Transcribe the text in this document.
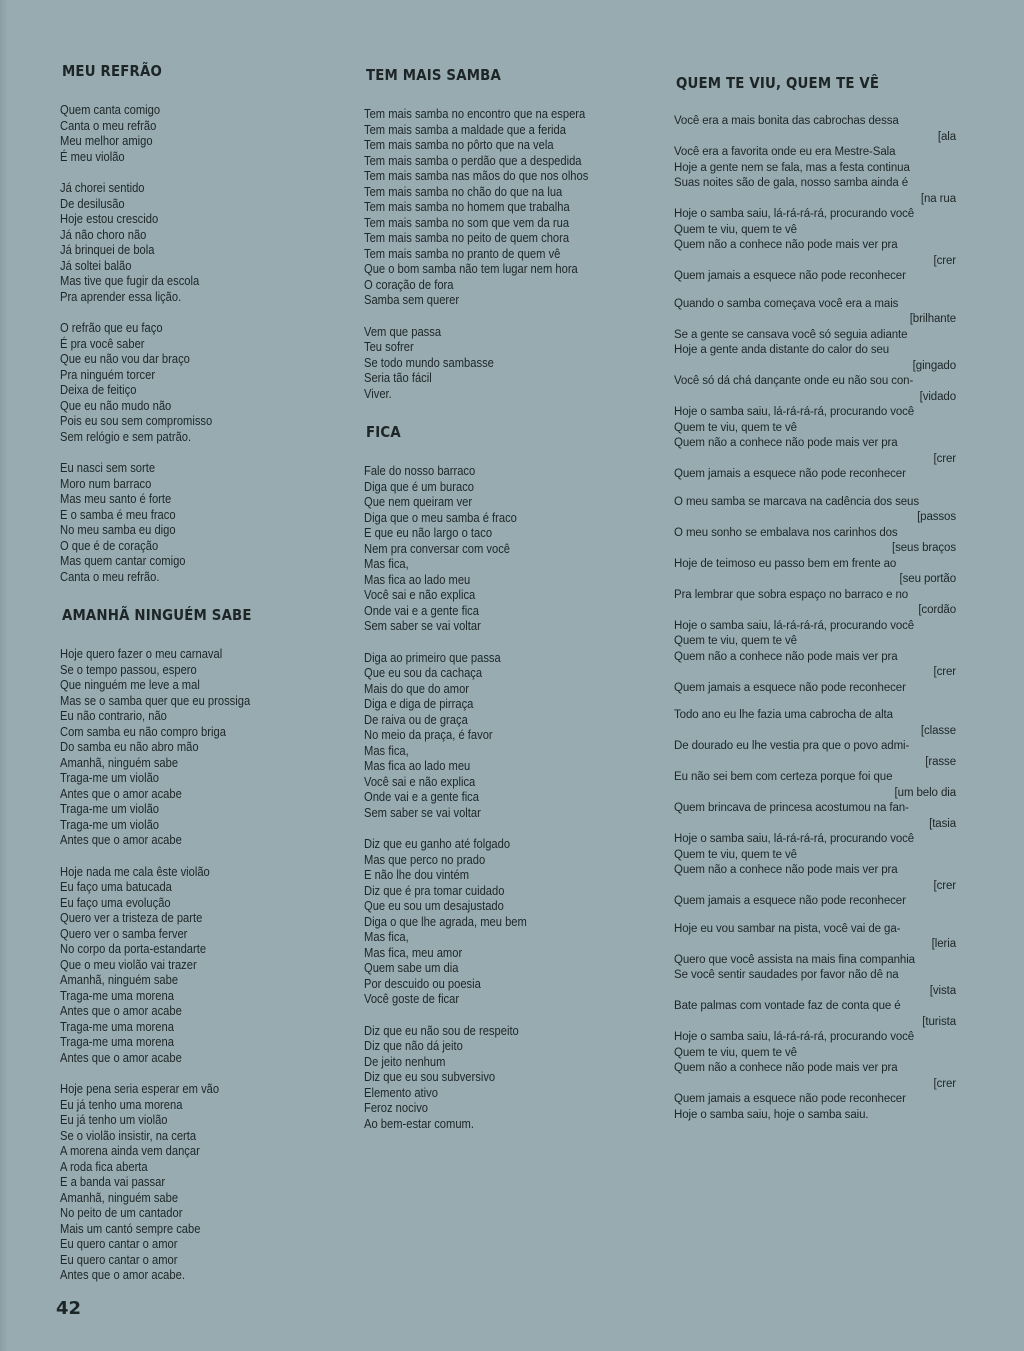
MEU REFRÃO
Quem canta comigo
Canta o meu refrão
Meu melhor amigo
É meu violão
Já chorei sentido
De desilusão
Hoje estou crescido
Já não choro não
Já brinquei de bola
Já soltei balão
Mas tive que fugir da escola
Pra aprender essa lição.
O refrão que eu faço
É pra você saber
Que eu não vou dar braço
Pra ninguém torcer
Deixa de feitiço
Que eu não mudo não
Pois eu sou sem compromisso
Sem relógio e sem patrão.
Eu nasci sem sorte
Moro num barraco
Mas meu santo é forte
E o samba é meu fraco
No meu samba eu digo
O que é de coração
Mas quem cantar comigo
Canta o meu refrão.
AMANHÃ NINGUÉM SABE
Hoje quero fazer o meu carnaval
Se o tempo passou, espero
Que ninguém me leve a mal
Mas se o samba quer que eu prossiga
Eu não contrario, não
Com samba eu não compro briga
Do samba eu não abro mão
Amanhã, ninguém sabe
Traga-me um violão
Antes que o amor acabe
Traga-me um violão
Traga-me um violão
Antes que o amor acabe
Hoje nada me cala êste violão
Eu faço uma batucada
Eu faço uma evolução
Quero ver a tristeza de parte
Quero ver o samba ferver
No corpo da porta-estandarte
Que o meu violão vai trazer
Amanhã, ninguém sabe
Traga-me uma morena
Antes que o amor acabe
Traga-me uma morena
Traga-me uma morena
Antes que o amor acabe
Hoje pena seria esperar em vão
Eu já tenho uma morena
Eu já tenho um violão
Se o violão insistir, na certa
A morena ainda vem dançar
A roda fica aberta
E a banda vai passar
Amanhã, ninguém sabe
No peito de um cantador
Mais um cantó sempre cabe
Eu quero cantar o amor
Eu quero cantar o amor
Antes que o amor acabe.
TEM MAIS SAMBA
Tem mais samba no encontro que na espera
Tem mais samba a maldade que a ferida
Tem mais samba no pôrto que na vela
Tem mais samba o perdão que a despedida
Tem mais samba nas mãos do que nos olhos
Tem mais samba no chão do que na lua
Tem mais samba no homem que trabalha
Tem mais samba no som que vem da rua
Tem mais samba no peito de quem chora
Tem mais samba no pranto de quem vê
Que o bom samba não tem lugar nem hora
O coração de fora
Samba sem querer
Vem que passa
Teu sofrer
Se todo mundo sambasse
Seria tão fácil
Viver.
FICA
Fale do nosso barraco
Diga que é um buraco
Que nem queiram ver
Diga que o meu samba é fraco
E que eu não largo o taco
Nem pra conversar com você
Mas fica,
Mas fica ao lado meu
Você sai e não explica
Onde vai e a gente fica
Sem saber se vai voltar
Diga ao primeiro que passa
Que eu sou da cachaça
Mais do que do amor
Diga e diga de pirraça
De raiva ou de graça
No meio da praça, é favor
Mas fica,
Mas fica ao lado meu
Você sai e não explica
Onde vai e a gente fica
Sem saber se vai voltar
Diz que eu ganho até folgado
Mas que perco no prado
E não lhe dou vintém
Diz que é pra tomar cuidado
Que eu sou um desajustado
Diga o que lhe agrada, meu bem
Mas fica,
Mas fica, meu amor
Quem sabe um dia
Por descuido ou poesia
Você goste de ficar
Diz que eu não sou de respeito
Diz que não dá jeito
De jeito nenhum
Diz que eu sou subversivo
Elemento ativo
Feroz nocivo
Ao bem-estar comum.
QUEM TE VIU, QUEM TE VÊ
Você era a mais bonita das cabrochas dessa
[ala
Você era a favorita onde eu era Mestre-Sala
Hoje a gente nem se fala, mas a festa continua
Suas noites são de gala, nosso samba ainda é
[na rua
Hoje o samba saiu, lá-rá-rá-rá, procurando você
Quem te viu, quem te vê
Quem não a conhece não pode mais ver pra
[crer
Quem jamais a esquece não pode reconhecer
Quando o samba começava você era a mais
[brilhante
Se a gente se cansava você só seguia adiante
Hoje a gente anda distante do calor do seu
[gingado
Você só dá chá dançante onde eu não sou con-
[vidado
Hoje o samba saiu, lá-rá-rá-rá, procurando você
Quem te viu, quem te vê
Quem não a conhece não pode mais ver pra
[crer
Quem jamais a esquece não pode reconhecer
O meu samba se marcava na cadência dos seus
[passos
O meu sonho se embalava nos carinhos dos
[seus braços
Hoje de teimoso eu passo bem em frente ao
[seu portão
Pra lembrar que sobra espaço no barraco e no
[cordão
Hoje o samba saiu, lá-rá-rá-rá, procurando você
Quem te viu, quem te vê
Quem não a conhece não pode mais ver pra
[crer
Quem jamais a esquece não pode reconhecer
Todo ano eu lhe fazia uma cabrocha de alta
[classe
De dourado eu lhe vestia pra que o povo admi-
[rasse
Eu não sei bem com certeza porque foi que
[um belo dia
Quem brincava de princesa acostumou na fan-
[tasia
Hoje o samba saiu, lá-rá-rá-rá, procurando você
Quem te viu, quem te vê
Quem não a conhece não pode mais ver pra
[crer
Quem jamais a esquece não pode reconhecer
Hoje eu vou sambar na pista, você vai de ga-
[leria
Quero que você assista na mais fina companhia
Se você sentir saudades por favor não dê na
[vista
Bate palmas com vontade faz de conta que é
[turista
Hoje o samba saiu, lá-rá-rá-rá, procurando você
Quem te viu, quem te vê
Quem não a conhece não pode mais ver pra
[crer
Quem jamais a esquece não pode reconhecer
Hoje o samba saiu, hoje o samba saiu.
42
